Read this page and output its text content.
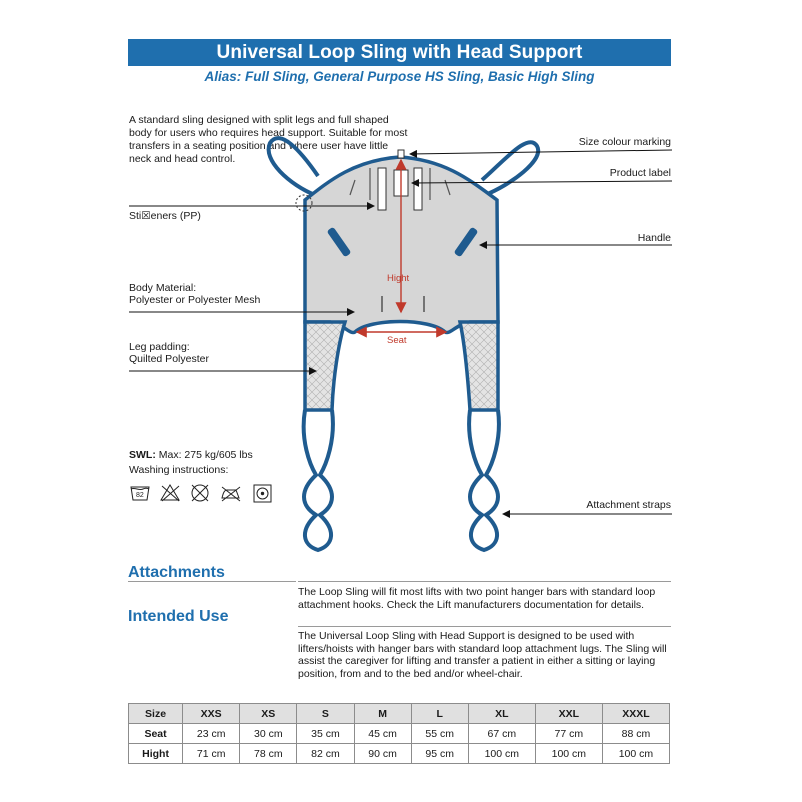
Universal Loop Sling with Head Support
Alias: Full Sling, General Purpose HS Sling, Basic High Sling
A standard sling designed with split legs and full shaped body for users who requires head support. Suitable for most transfers in a seating position and where user have little neck and head control.
Sti☒eners (PP)
Body Material:
Polyester or Polyester Mesh
Leg padding:
Quilted Polyester
Size colour marking
Product label
Handle
Attachment straps
Hight
Seat
SWL: Max: 275 kg/605 lbs
Washing instructions:
82
Attachments
The Loop Sling will fit most lifts with two point hanger bars with standard loop attachment hooks. Check the Lift manufacturers documentation for details.
Intended Use
The Universal Loop Sling with Head Support is designed to be used with lifters/hoists with hanger bars with standard loop attachment lugs. The Sling will assist the caregiver for lifting and transfer a patient in either a sitting or laying position, from and to the bed and/or wheel-chair.
Size	XXS	XS	S	M	L	XL	XXL	XXXL
Seat	23 cm	30 cm	35 cm	45 cm	55 cm	67 cm	77 cm	88 cm
Hight	71 cm	78 cm	82 cm	90 cm	95 cm	100 cm	100 cm	100 cm
